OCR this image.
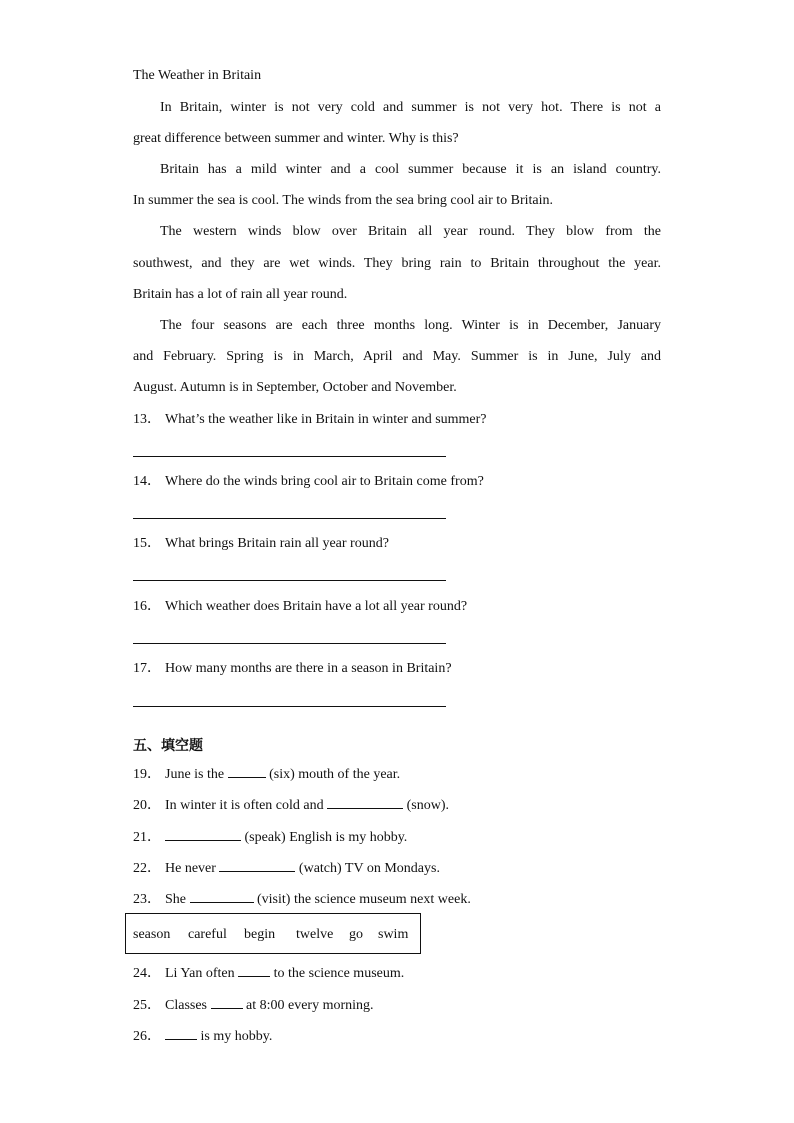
The Weather in Britain
In Britain, winter is not very cold and summer is not very hot. There is not a
great difference between summer and winter. Why is this?
Britain has a mild winter and a cool summer because it is an island country.
In summer the sea is cool. The winds from the sea bring cool air to Britain.
The western winds blow over Britain all year round. They blow from the
southwest, and they are wet winds. They bring rain to Britain throughout the year.
Britain has a lot of rain all year round.
The four seasons are each three months long. Winter is in December, January
and February. Spring is in March, April and May. Summer is in June, July and
August. Autumn is in September, October and November.
13． What’s the weather like in Britain in winter and summer?
14． Where do the winds bring cool air to Britain come from?
15． What brings Britain rain all year round?
16． Which weather does Britain have a lot all year round?
17． How many months are there in a season in Britain?
五、填空题
19． June is the	(six) mouth of the year.
20． In winter it is often cold and	(snow).
21．	(speak) English is my hobby.
22． He never	(watch) TV on Mondays.
23． She	(visit) the science museum next week.
season careful begin twelve go swim
24． Li Yan often	to the science museum.
25． Classes	at 8:00 every morning.
26．	is my hobby.
